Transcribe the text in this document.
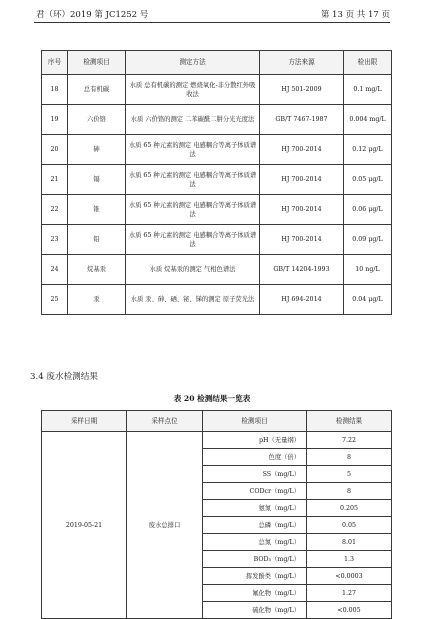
君（环）2019 第 JC1252 号	第 13 页 共 17 页
序号	检测项目	测定方法	方法来源	检出限
18	总有机碳	水质 总有机碳的测定 燃烧氧化-非分散红外吸收法	HJ 501-2009	0.1 mg/L
19	六价铬	水质 六价铬的测定 二苯碳酰二肼分光光度法	GB/T 7467-1987	0.004 mg/L
20	砷	水质 65 种元素的测定 电感耦合等离子体质谱法	HJ 700-2014	0.12 μg/L
21	镉	水质 65 种元素的测定 电感耦合等离子体质谱法	HJ 700-2014	0.05 μg/L
22	锥	水质 65 种元素的测定 电感耦合等离子体质谱法	HJ 700-2014	0.06 μg/L
23	铅	水质 65 种元素的测定 电感耦合等离子体质谱法	HJ 700-2014	0.09 μg/L
24	烷基汞	水质 烷基汞的测定 气相色谱法	GB/T 14204-1993	10 ng/L
25	汞	水质 汞、砷、硒、铋、锑的测定 原子荧光法	HJ 694-2014	0.04 μg/L
3.4 废水检测结果
表 20 检测结果一览表
采样日期	采样点位	检测项目	检测结果
2019-05-21	废水总排口	pH（无量纲）	7.22
		色度（倍）	8
		SS（mg/L）	5
		CODcr（mg/L）	8
		氨氮（mg/L）	0.205
		总磷（mg/L）	0.05
		总氮（mg/L）	8.01
		BOD₅（mg/L）	1.3
		挥发酚类（mg/L）	<0.0003
		氟化物（mg/L）	1.27
		硫化物（mg/L）	<0.005
